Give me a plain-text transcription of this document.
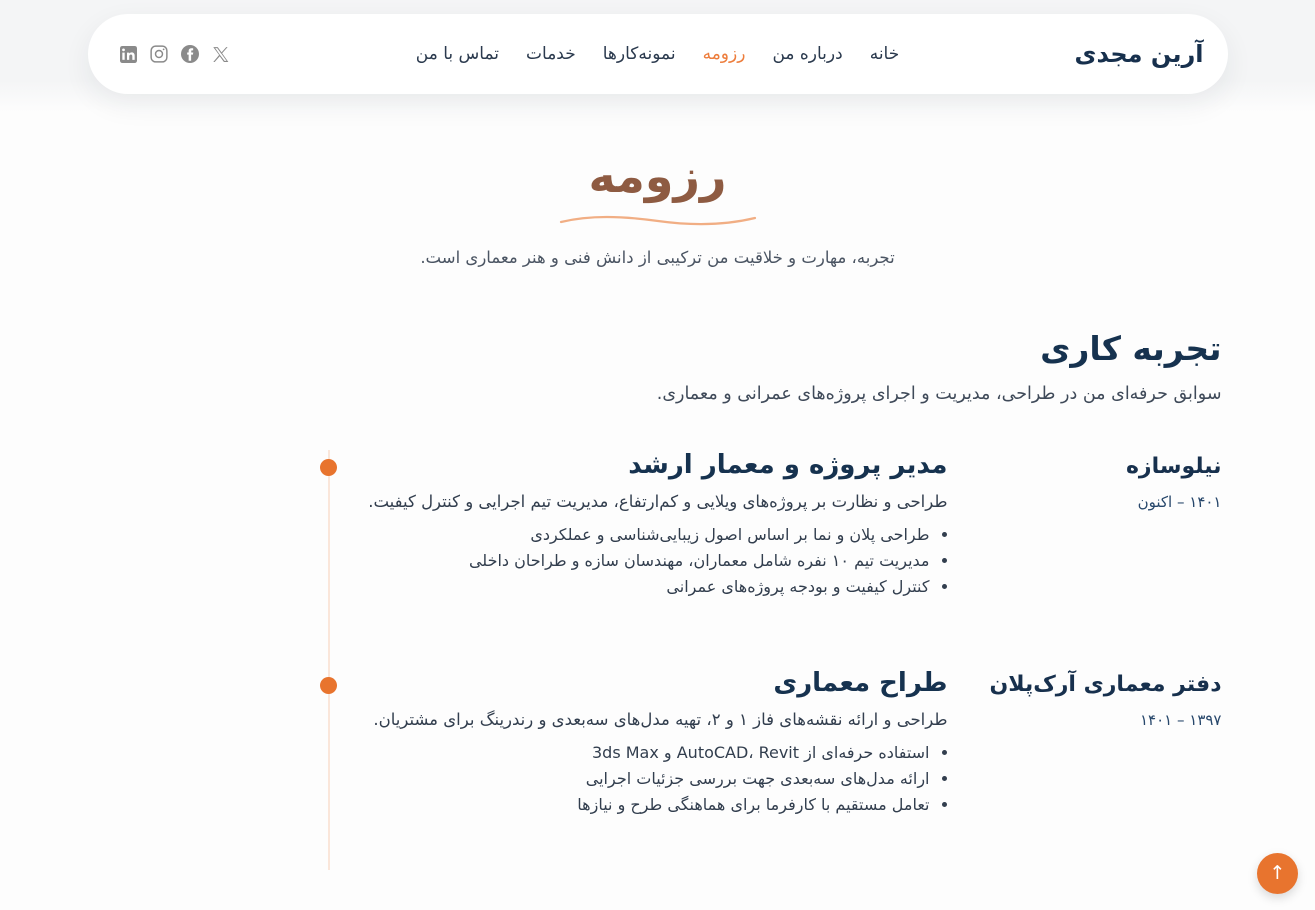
آرین مجدی
خانه
درباره من
رزومه
نمونه‌کارها
خدمات
تماس با من
رزومه

تجربه، مهارت و خلاقیت من ترکیبی از دانش فنی و هنر معماری است.

تجربه کاری

سوابق حرفه‌ای من در طراحی، مدیریت و اجرای پروژه‌های عمرانی و معماری.

نیلوسازه
۱۴۰۱ – اکنون
مدیر پروژه و معمار ارشد

طراحی و نظارت بر پروژه‌های ویلایی و کم‌ارتفاع، مدیریت تیم اجرایی و کنترل کیفیت.

• طراحی پلان و نما بر اساس اصول زیبایی‌شناسی و عملکردی
• مدیریت تیم ۱۰ نفره شامل معماران، مهندسان سازه و طراحان داخلی
• کنترل کیفیت و بودجه پروژه‌های عمرانی
دفتر معماری آرک‌پلان
۱۳۹۷ – ۱۴۰۱
طراح معماری

طراحی و ارائه نقشه‌های فاز ۱ و ۲، تهیه مدل‌های سه‌بعدی و رندرینگ برای مشتریان.

• استفاده حرفه‌ای از AutoCAD، Revit و 3ds Max
• ارائه مدل‌های سه‌بعدی جهت بررسی جزئیات اجرایی
• تعامل مستقیم با کارفرما برای هماهنگی طرح و نیازها
↑
